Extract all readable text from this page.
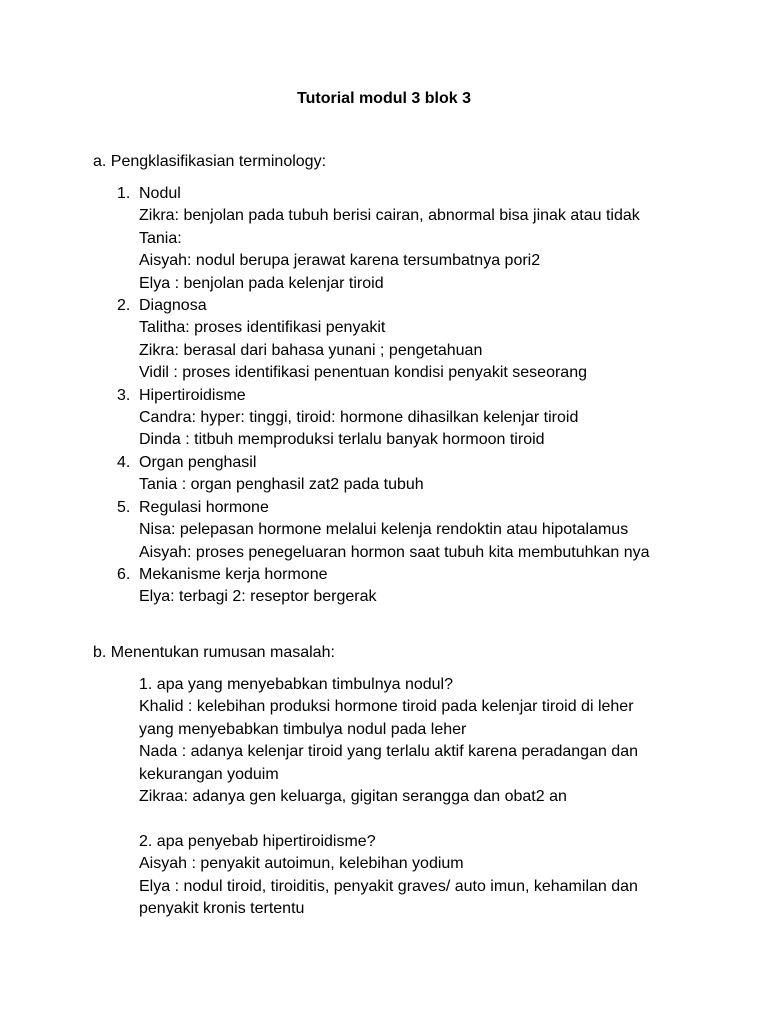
Tutorial modul 3 blok 3
a. Pengklasifikasian terminology:
1. Nodul
Zikra: benjolan pada tubuh berisi cairan, abnormal bisa jinak atau tidak
Tania:
Aisyah: nodul berupa jerawat karena tersumbatnya pori2
Elya : benjolan pada kelenjar tiroid
2. Diagnosa
Talitha: proses identifikasi penyakit
Zikra: berasal dari bahasa yunani ; pengetahuan
Vidil : proses identifikasi penentuan kondisi penyakit seseorang
3. Hipertiroidisme
Candra: hyper: tinggi, tiroid: hormone dihasilkan kelenjar tiroid
Dinda : titbuh memproduksi terlalu banyak hormoon tiroid
4. Organ penghasil
Tania : organ penghasil zat2 pada tubuh
5. Regulasi hormone
Nisa: pelepasan hormone melalui kelenja rendoktin atau hipotalamus
Aisyah: proses penegeluaran hormon saat tubuh kita membutuhkan nya
6. Mekanisme kerja hormone
Elya: terbagi 2: reseptor bergerak
b. Menentukan rumusan masalah:
1. apa yang menyebabkan timbulnya nodul?
Khalid : kelebihan produksi hormone tiroid pada kelenjar tiroid di leher
yang menyebabkan timbulya nodul pada leher
Nada : adanya kelenjar tiroid yang terlalu aktif karena peradangan dan
kekurangan yoduim
Zikraa: adanya gen keluarga, gigitan serangga dan obat2 an
2. apa penyebab hipertiroidisme?
Aisyah : penyakit autoimun, kelebihan yodium
Elya : nodul tiroid, tiroiditis, penyakit graves/ auto imun, kehamilan dan
penyakit kronis tertentu
